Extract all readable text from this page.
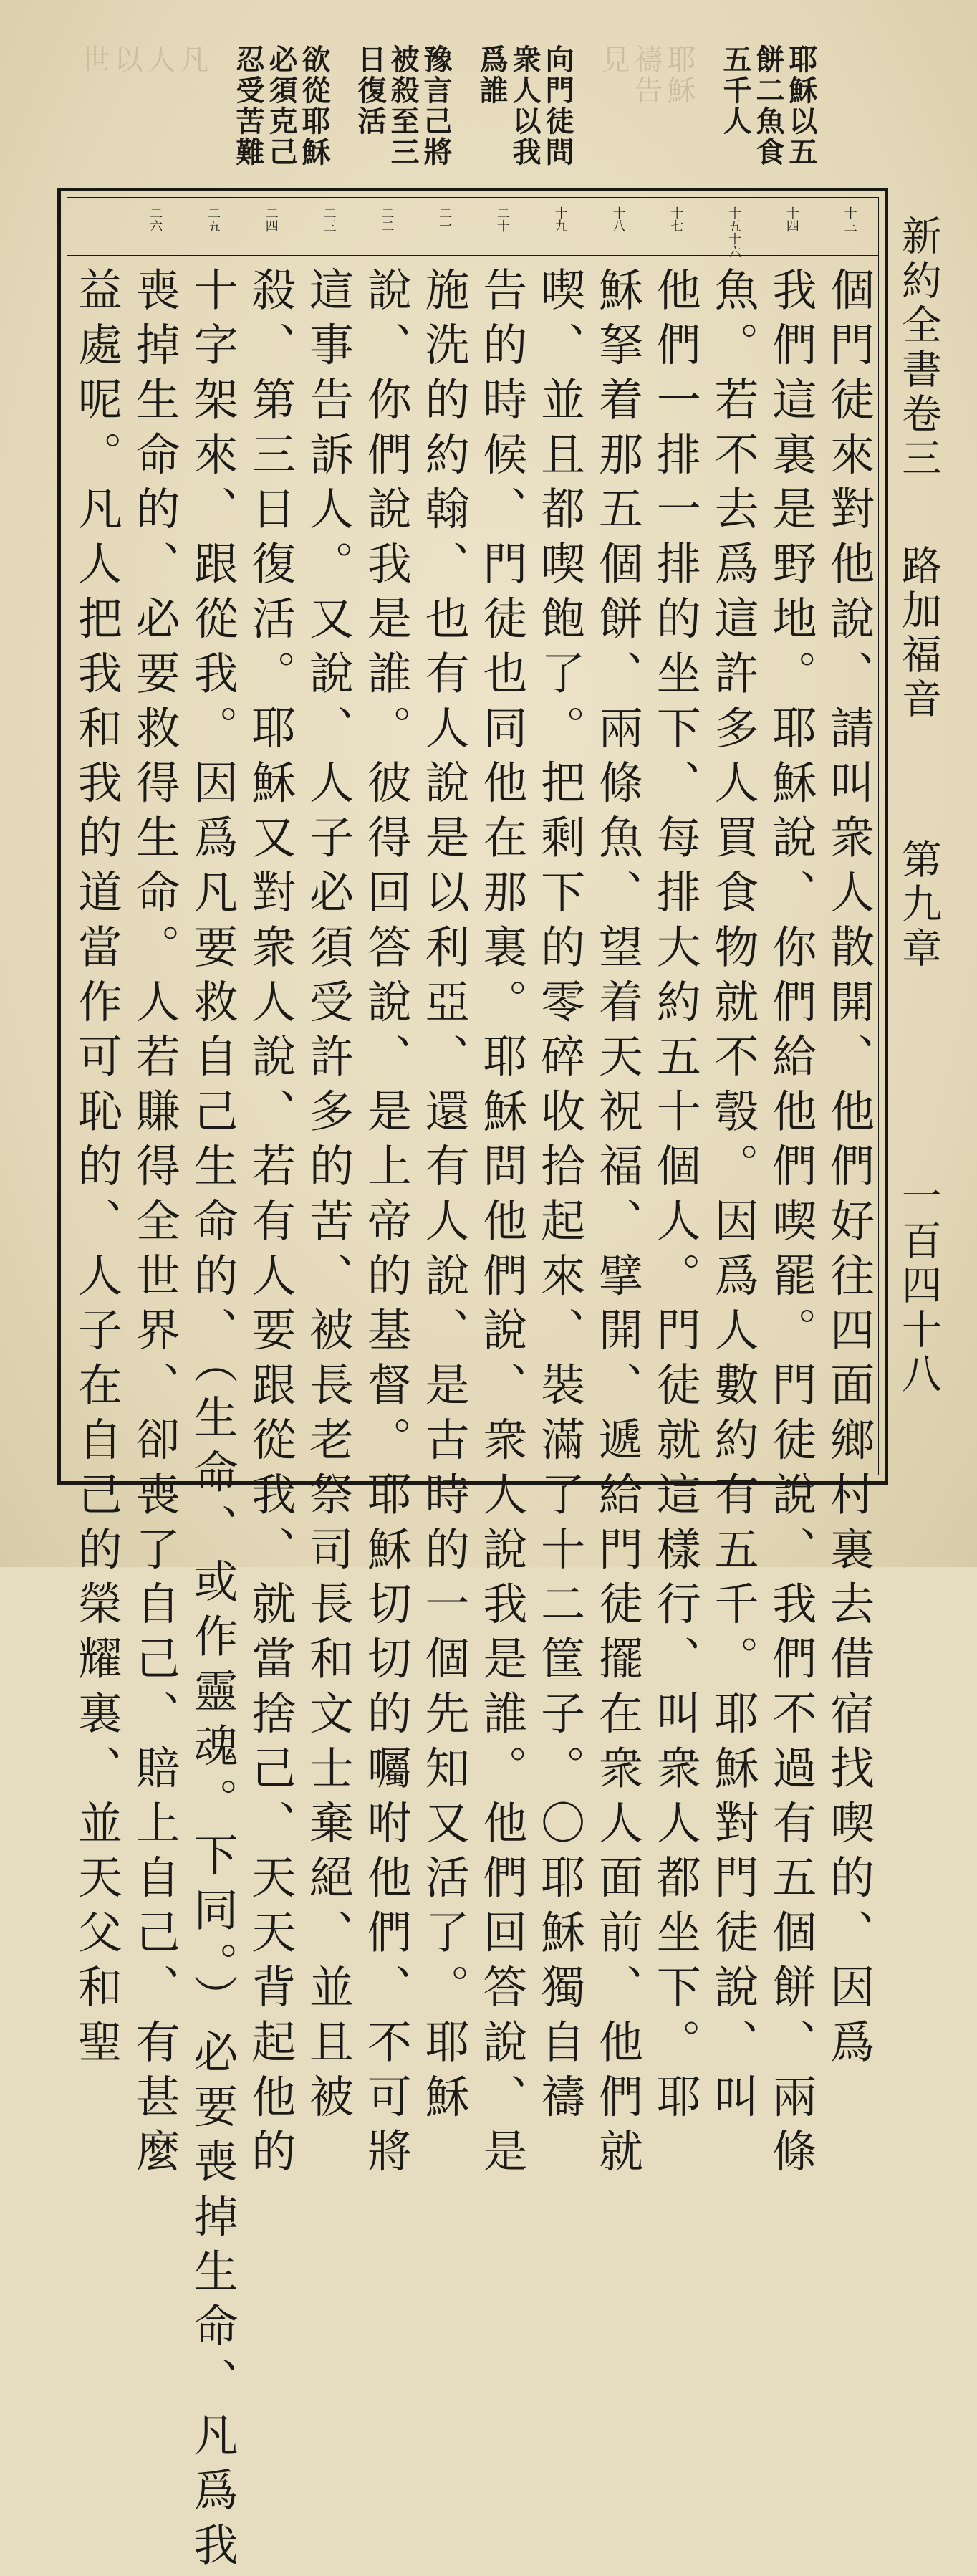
耶穌以五
餅二魚食
五千人
耶穌
禱告
見
向門徒問
衆人以我
爲誰
豫言己將
被殺至三
日復活
欲從耶穌
必須克己
忍受苦難
凡
人
以
世
十三
十四
十五十六
十七
十八
十九
二十
二一
二二
二三
二四
二五
二六
個門徒來對他說、請叫衆人散開、他們好往四面鄉村裏去借宿找喫的、因爲
我們這裏是野地。耶穌說、你們給他們喫罷。門徒說、我們不過有五個餅、兩條
魚。若不去爲這許多人買食物就不彀。因爲人數約有五千。耶穌對門徒說、叫
他們一排一排的坐下、每排大約五十個人。門徒就這樣行、叫衆人都坐下。耶
穌拏着那五個餅、兩條魚、望着天祝福、擘開、遞給門徒擺在衆人面前、他們就
喫、並且都喫飽了。把剩下的零碎收拾起來、裝滿了十二筐子。〇耶穌獨自禱
告的時候、門徒也同他在那裏。耶穌問他們說、衆人說我是誰。他們回答說、是
施洗的約翰、也有人說是以利亞、還有人說、是古時的一個先知又活了。耶穌
說、你們說我是誰。彼得回答說、是上帝的基督。耶穌切切的囑咐他們、不可將
這事告訴人。又說、人子必須受許多的苦、被長老祭司長和文士棄絕、並且被
殺、第三日復活。耶穌又對衆人說、若有人要跟從我、就當捨己、天天背起他的
十字架來、跟從我。因爲凡要救自己生命的、（生命、或作靈魂。下同。）必要喪掉生命、凡爲我
喪掉生命的、必要救得生命。人若賺得全世界、卻喪了自己、賠上自己、有甚麼
益處呢。凡人把我和我的道當作可恥的、人子在自己的榮耀裏、並天父和聖	新約全書卷三
路加福音
第九章
一百四十八
